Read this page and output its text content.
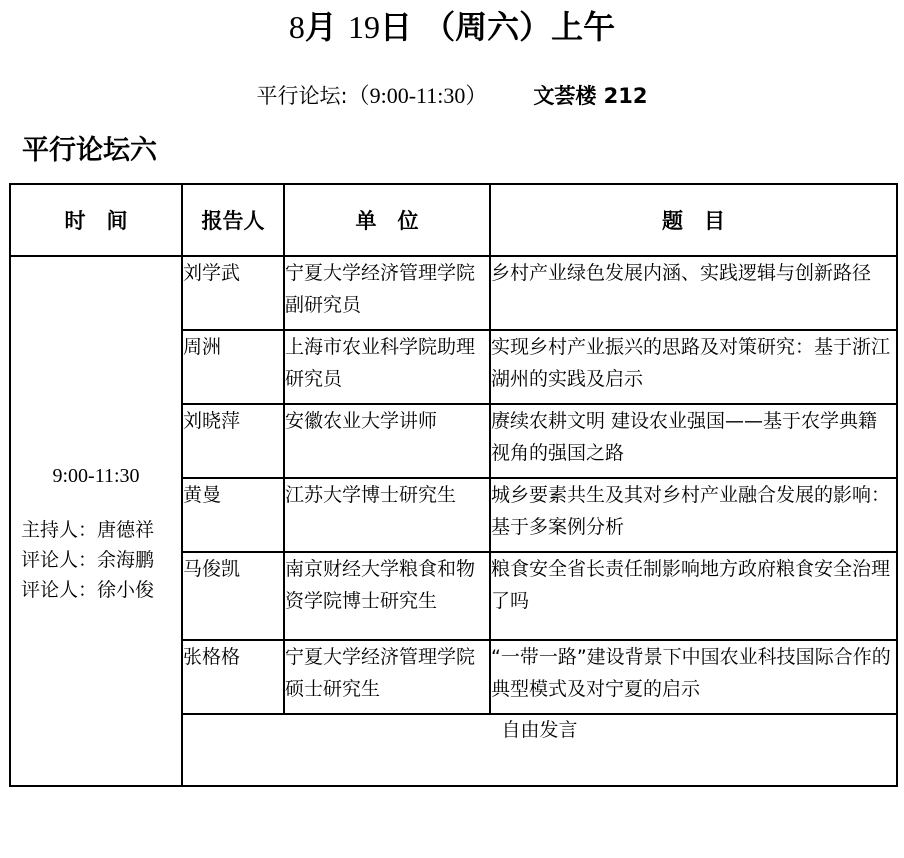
8月 19日 （周六）上午
平行论坛:（9:00-11:30） 文荟楼 212
平行论坛六
时　间	报告人	单　位	题　目

9:00-11:30
主持人：唐德祥
评论人：余海鹏
评论人：徐小俊	刘学武	宁夏大学经济管理学院副研究员	乡村产业绿色发展内涵、实践逻辑与创新路径
	周洲	上海市农业科学院助理研究员	实现乡村产业振兴的思路及对策研究：基于浙江湖州的实践及启示
	刘晓萍	安徽农业大学讲师	赓续农耕文明 建设农业强国——基于农学典籍视角的强国之路
	黄曼	江苏大学博士研究生	城乡要素共生及其对乡村产业融合发展的影响：基于多案例分析
	马俊凯	南京财经大学粮食和物资学院博士研究生	粮食安全省长责任制影响地方政府粮食安全治理了吗
	张格格	宁夏大学经济管理学院硕士研究生	“一带一路”建设背景下中国农业科技国际合作的典型模式及对宁夏的启示
	自由发言		
